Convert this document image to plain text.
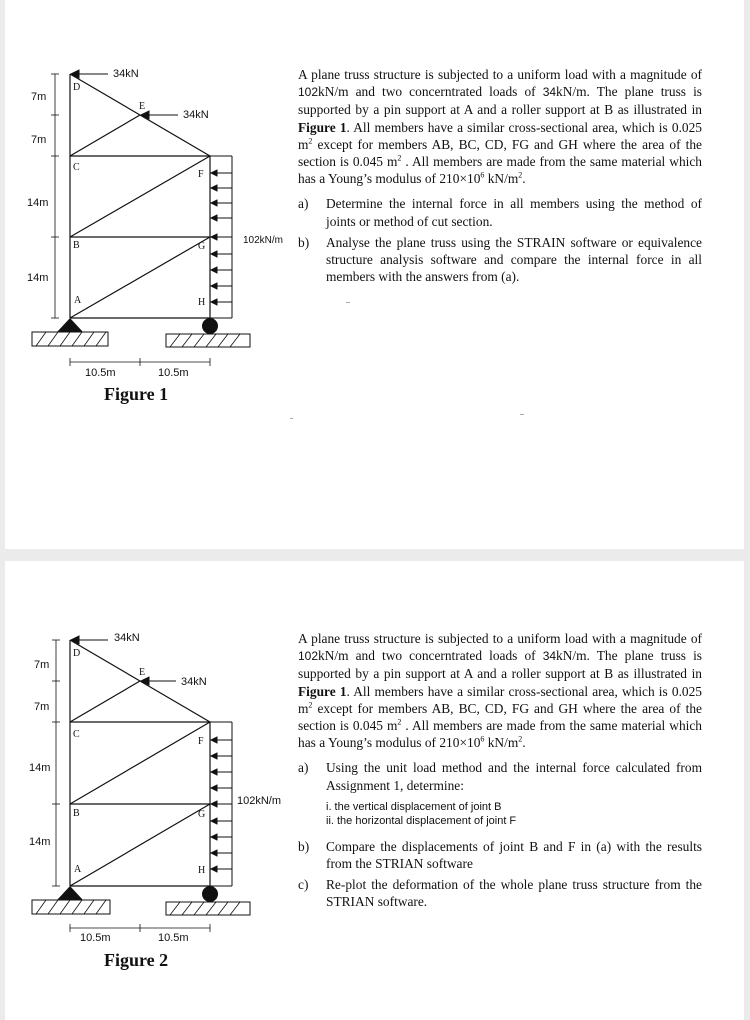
A
B
C
D
E
F
G
H
34kN
34kN
102kN/m
7m
7m
14m
14m
10.5m	10.5m
Figure 1

A plane truss structure is subjected to a uniform load with a magnitude of 102kN/m and two concerntrated loads of 34kN/m. The plane truss is supported by a pin support at A and a roller support at B as illustrated in Figure 1. All members have a similar cross-sectional area, which is 0.025 $m^2$ except for members AB, BC, CD, FG and GH where the area of the section is 0.045 $m^2$ . All members are made from the same material which has a Young’s modulus of $210\times 10^6$ $kN/m^2$.

a)	Determine the internal force in all members using the method of joints or method of cut section.
b)	Analyse the plane truss using the STRAIN software or equivalence structure analysis software and compare the internal force in all members with the answers from (a).
A
B
C
D
E
F
G
H
34kN
34kN
102kN/m
7m
7m
14m
14m
10.5m	10.5m
Figure 2

A plane truss structure is subjected to a uniform load with a magnitude of 102kN/m and two concerntrated loads of 34kN/m. The plane truss is supported by a pin support at A and a roller support at B as illustrated in Figure 1. All members have a similar cross-sectional area, which is 0.025 $m^2$ except for members AB, BC, CD, FG and GH where the area of the section is 0.045 $m^2$ . All members are made from the same material which has a Young’s modulus of $210\times 10^6$ $kN/m^2$.

a)	Using the unit load method and the internal force calculated from Assignment 1, determine:
i. the vertical displacement of joint B
ii. the horizontal displacement of joint F
b)	Compare the displacements of joint B and F in (a) with the results from the STRIAN software
c)	Re-plot the deformation of the whole plane truss structure from the STRIAN software.
